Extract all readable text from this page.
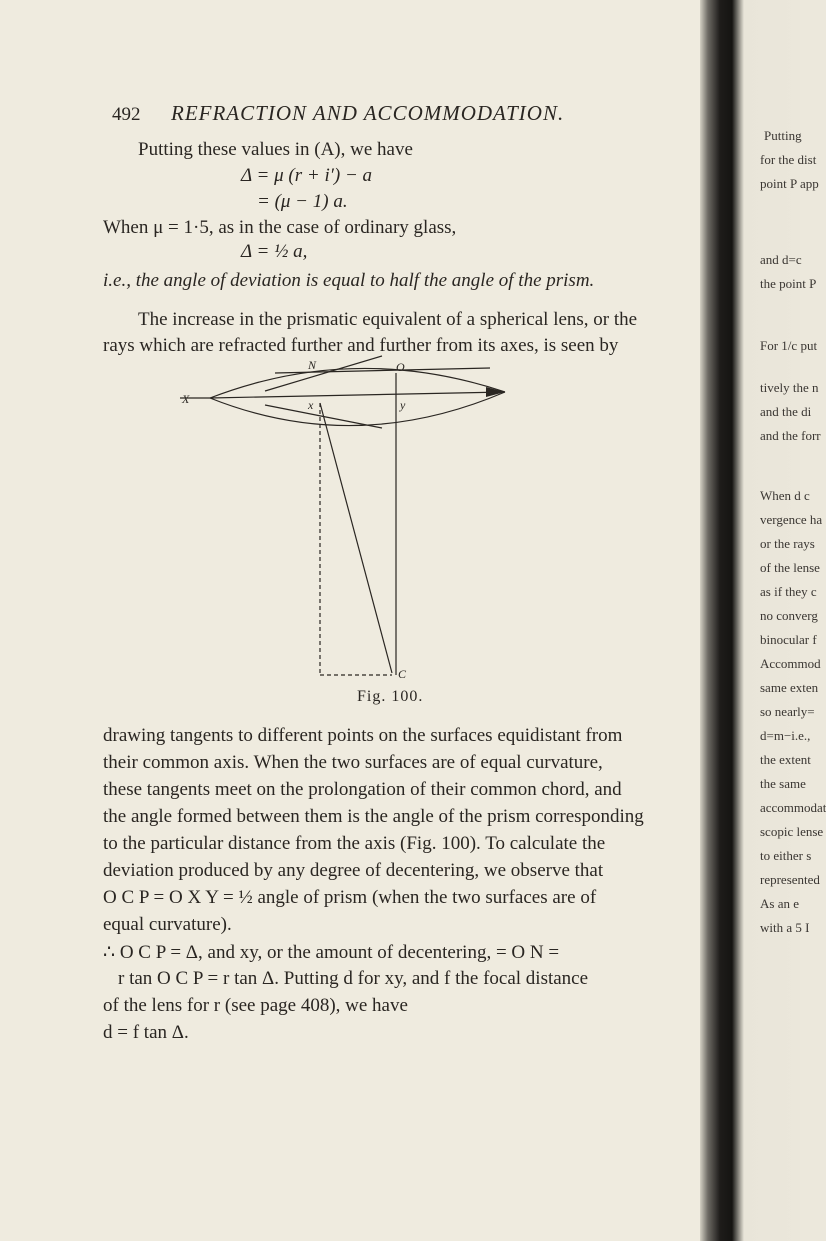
492 REFRACTION AND ACCOMMODATION.
Putting these values in (A), we have
Δ = μ (r + i′) − a
= (μ − 1) a.
When μ = 1·5, as in the case of ordinary glass,
Δ = ½ a,
i.e., the angle of deviation is equal to half the angle of the prism.
The increase in the prismatic equivalent of a spherical lens, or the
rays which are refracted further and further from its axes, is seen by
N	O
X	x	y
C
Fig. 100.
drawing tangents to different points on the surfaces equidistant from
their common axis. When the two surfaces are of equal curvature,
these tangents meet on the prolongation of their common chord, and
the angle formed between them is the angle of the prism corresponding
to the particular distance from the axis (Fig. 100). To calculate the
deviation produced by any degree of decentering, we observe that
O C P = O X Y = ½ angle of prism (when the two surfaces are of
equal curvature).
∴ O C P = Δ, and xy, or the amount of decentering, = O N =
r tan O C P = r tan Δ. Putting d for xy, and f the focal distance
of the lens for r (see page 408), we have
d = f tan Δ.
Putting
for the dist
point P app
and d=c
the point P
For 1/c put
tively the n
and the di
and the forr
When d c
vergence ha
or the rays
of the lense
as if they c
no converg
binocular f
Accommod
same exten
so nearly=
d=m−i.e.,
the extent
the same
accommodat
scopic lense
to either s
represented
As an e
with a 5 I
